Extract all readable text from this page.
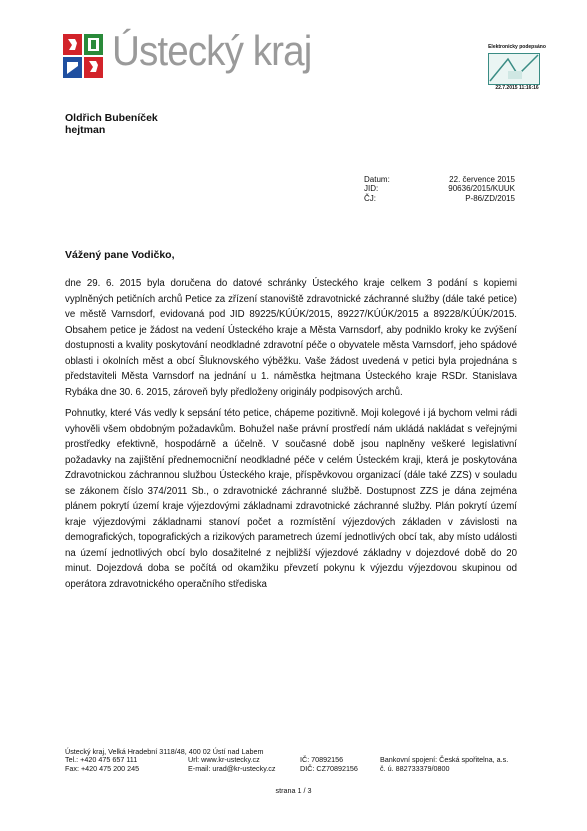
Ústecký kraj	Elektronicky podepsáno
22.7.2015 11:16:16
Oldřich Bubeníček
hejtman
Datum:	22. července 2015
JID:	90636/2015/KUUK
ČJ:	P-86/ZD/2015
Vážený pane Vodičko,

dne 29. 6. 2015 byla doručena do datové schránky Ústeckého kraje celkem 3 podání s kopiemi vyplněných petičních archů Petice za zřízení stanoviště zdravotnické záchranné služby (dále také petice) ve městě Varnsdorf, evidovaná pod JID 89225/KÚÚK/2015, 89227/KÚÚK/2015 a 89228/KÚÚK/2015. Obsahem petice je žádost na vedení Ústeckého kraje a Města Varnsdorf, aby podniklo kroky ke zvýšení dostupnosti a kvality poskytování neodkladné zdravotní péče o obyvatele města Varnsdorf, jeho spádové oblasti i okolních měst a obcí Šluknovského výběžku. Vaše žádost uvedená v petici byla projednána s představiteli Města Varnsdorf na jednání u 1. náměstka hejtmana Ústeckého kraje RSDr. Stanislava Rybáka dne 30. 6. 2015, zároveň byly předloženy originály podpisových archů.

Pohnutky, které Vás vedly k sepsání této petice, chápeme pozitivně. Moji kolegové i já bychom velmi rádi vyhověli všem obdobným požadavkům. Bohužel naše právní prostředí nám ukládá nakládat s veřejnými prostředky efektivně, hospodárně a účelně. V současné době jsou naplněny veškeré legislativní požadavky na zajištění přednemocniční neodkladné péče v celém Ústeckém kraji, která je poskytována Zdravotnickou záchrannou službou Ústeckého kraje, příspěvkovou organizací (dále také ZZS) v souladu se zákonem číslo 374/2011 Sb., o zdravotnické záchranné službě. Dostupnost ZZS je dána zejména plánem pokrytí území kraje výjezdovými základnami zdravotnické záchranné služby. Plán pokrytí území kraje výjezdovými základnami stanoví počet a rozmístění výjezdových základen v závislosti na demografických, topografických a rizikových parametrech území jednotlivých obcí tak, aby místo události na území jednotlivých obcí bylo dosažitelné z nejbližší výjezdové základny v dojezdové době do 20 minut. Dojezdová doba se počítá od okamžiku převzetí pokynu k výjezdu výjezdovou skupinou od operátora zdravotnického operačního střediska

Ústecký kraj, Velká Hradební 3118/48, 400 02 Ústí nad Labem
Tel.: +420 475 657 111	Url: www.kr-ustecky.cz	IČ: 70892156	Bankovní spojení: Česká spořitelna, a.s.
Fax: +420 475 200 245	E-mail: urad@kr-ustecky.cz	DIČ: CZ70892156	č. ú. 882733379/0800
strana 1 / 3
